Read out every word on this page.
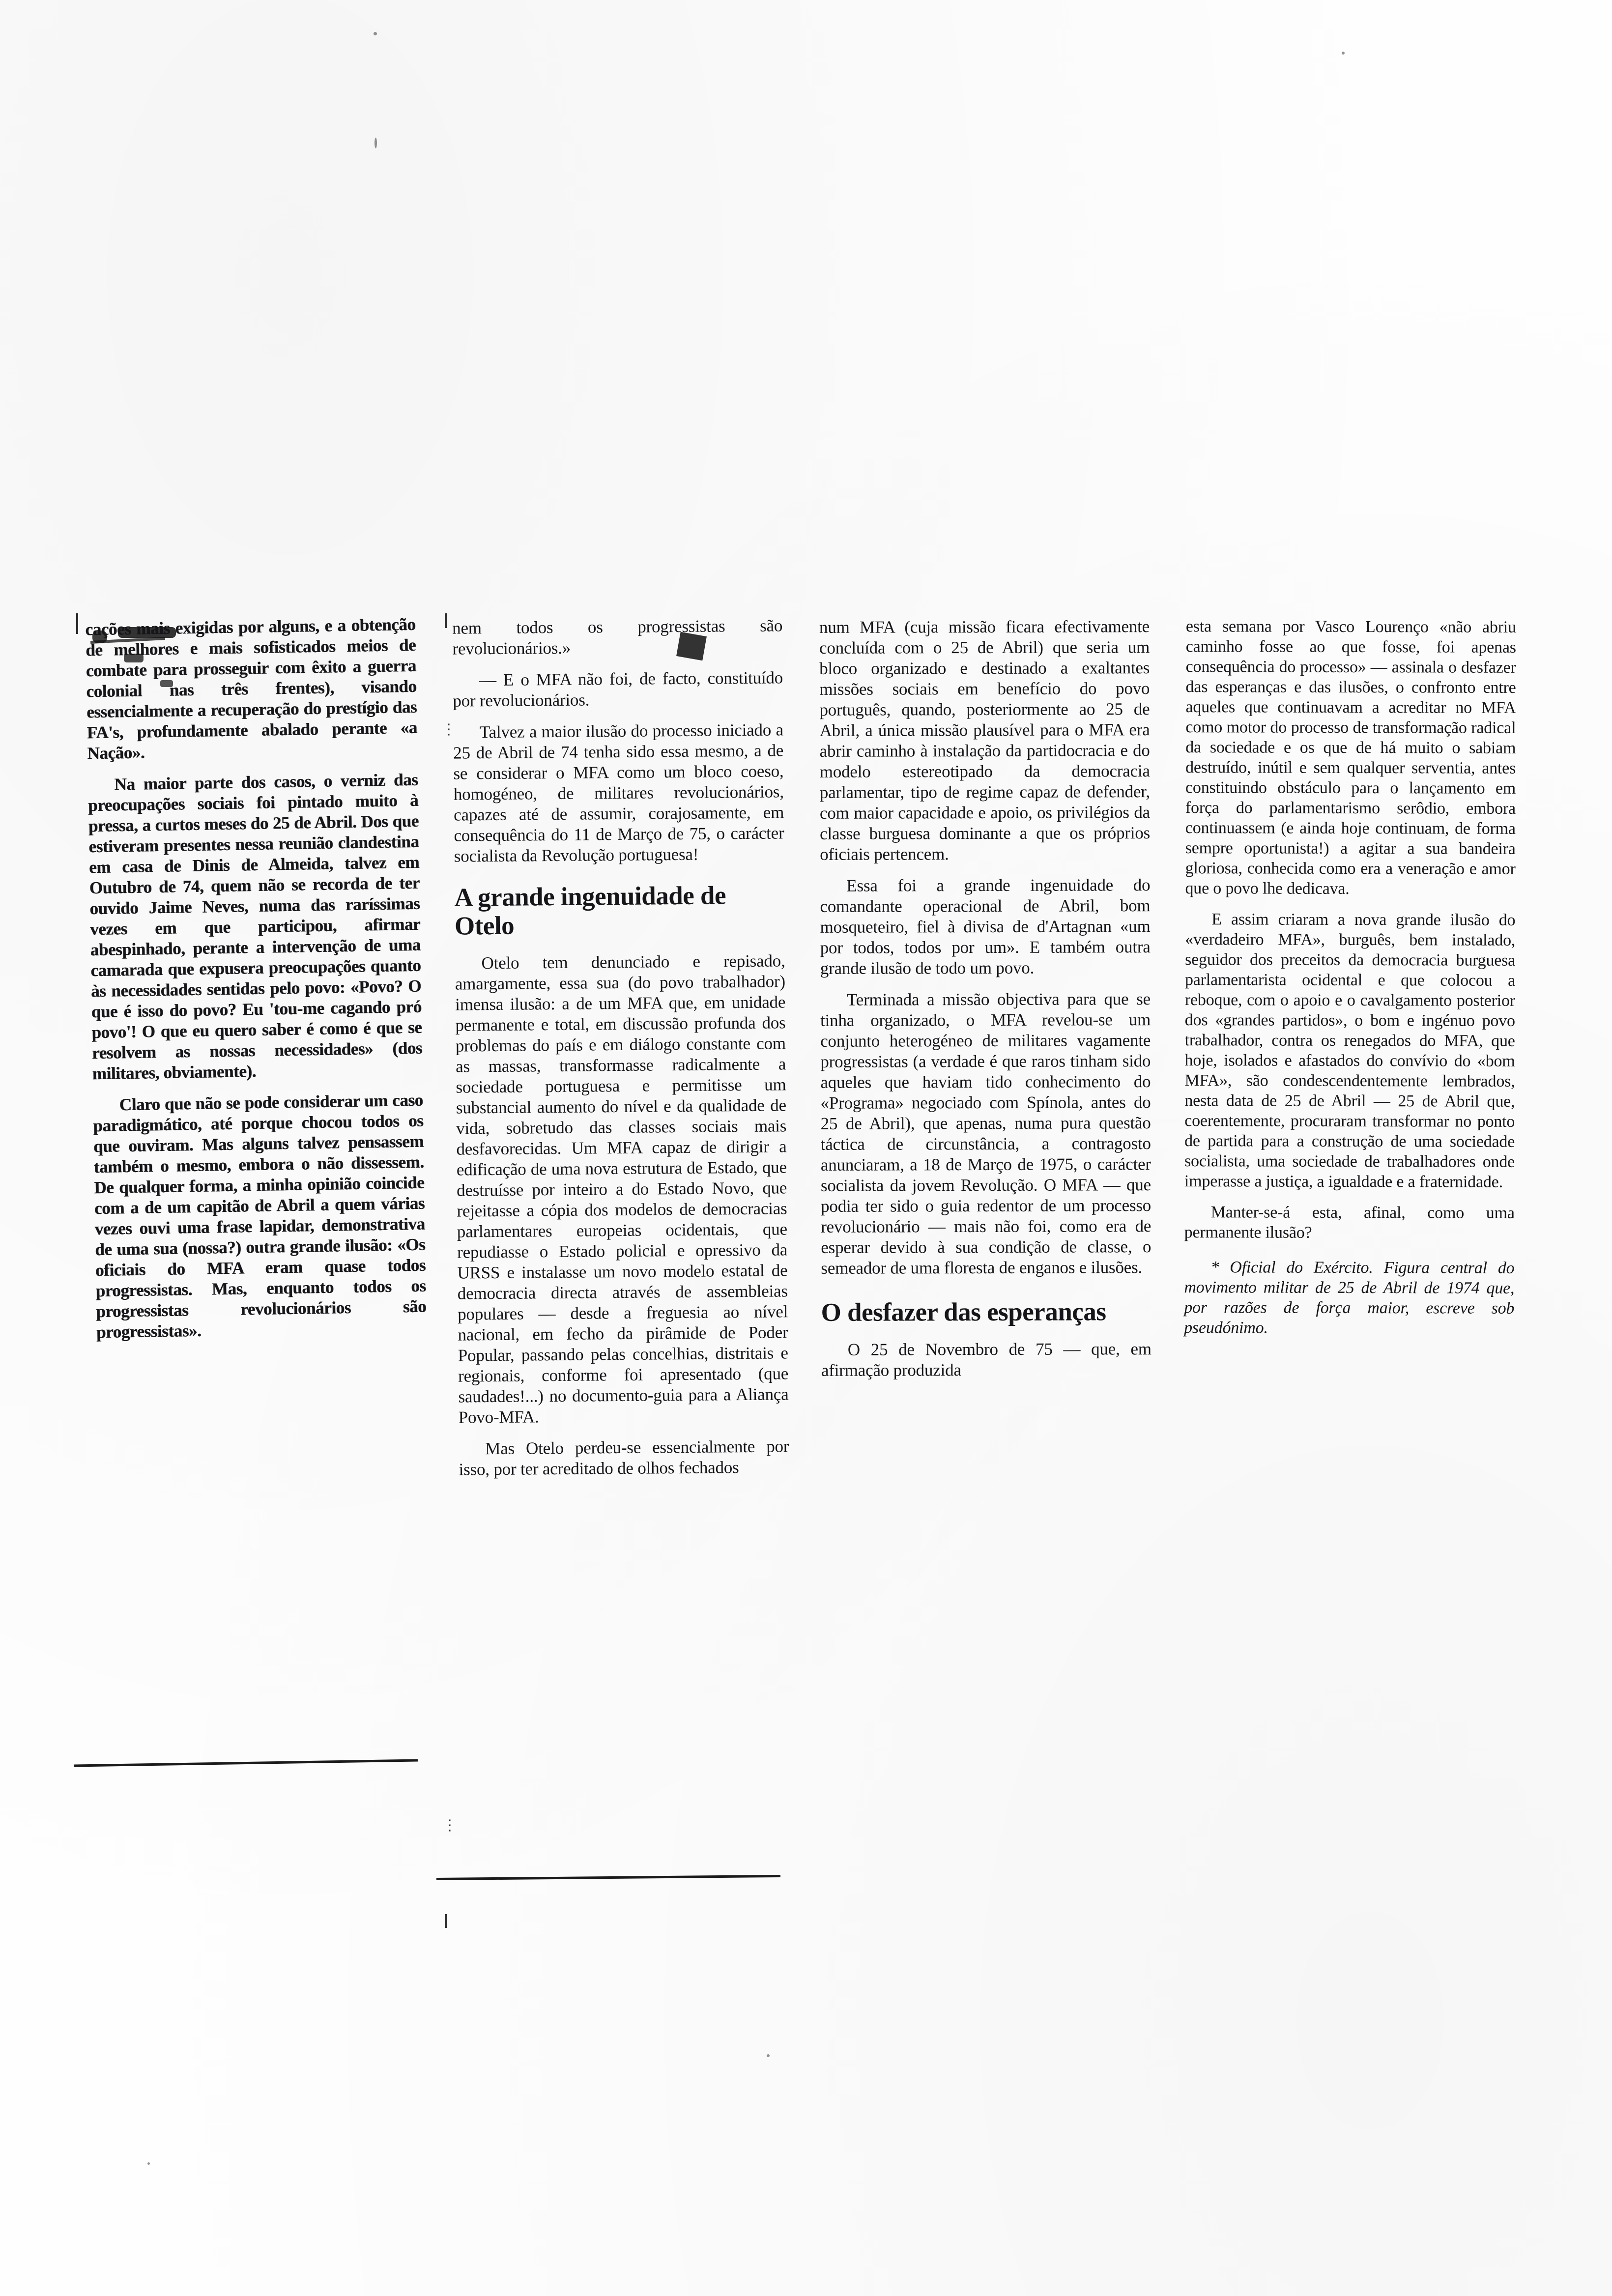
⋮
⋮

cações mais exigidas por alguns, e a obtenção de melhores e mais sofisticados meios de combate para prosseguir com êxito a guerra colonial nas três frentes), visando essencialmente a recuperação do prestígio das FA's, profundamente abalado perante «a Nação».

Na maior parte dos casos, o verniz das preocupações sociais foi pintado muito à pressa, a curtos meses do 25 de Abril. Dos que estiveram presentes nessa reunião clandestina em casa de Dinis de Almeida, talvez em Outubro de 74, quem não se recorda de ter ouvido Jaime Neves, numa das raríssimas vezes em que participou, afirmar abespinhado, perante a intervenção de uma camarada que expusera preocupações quanto às necessidades sentidas pelo povo: «Povo? O que é isso do povo? Eu 'tou-me cagando pró povo'! O que eu quero saber é como é que se resolvem as nossas necessidades» (dos militares, obviamente).

Claro que não se pode considerar um caso paradigmático, até porque chocou todos os que ouviram. Mas alguns talvez pensassem também o mesmo, embora o não dissessem. De qualquer forma, a minha opinião coincide com a de um capitão de Abril a quem várias vezes ouvi uma frase lapidar, demonstrativa de uma sua (nossa?) outra grande ilusão: «Os oficiais do MFA eram quase todos progressistas. Mas, enquanto todos os progressistas revolucionários são progressistas».

nem todos os progressistas são revolucionários.»

— E o MFA não foi, de facto, constituído por revolucionários.

Talvez a maior ilusão do processo iniciado a 25 de Abril de 74 tenha sido essa mesmo, a de se considerar o MFA como um bloco coeso, homogéneo, de militares revolucionários, capazes até de assumir, corajosamente, em consequência do 11 de Março de 75, o carácter socialista da Revolução portuguesa!

A grande ingenuidade de Otelo

Otelo tem denunciado e repisado, amargamente, essa sua (do povo trabalhador) imensa ilusão: a de um MFA que, em unidade permanente e total, em discussão profunda dos problemas do país e em diálogo constante com as massas, transformasse radicalmente a sociedade portuguesa e permitisse um substancial aumento do nível e da qualidade de vida, sobretudo das classes sociais mais desfavorecidas. Um MFA capaz de dirigir a edificação de uma nova estrutura de Estado, que destruísse por inteiro a do Estado Novo, que rejeitasse a cópia dos modelos de democracias parlamentares europeias ocidentais, que repudiasse o Estado policial e opressivo da URSS e instalasse um novo modelo estatal de democracia directa através de assembleias populares — desde a freguesia ao nível nacional, em fecho da pirâmide de Poder Popular, passando pelas concelhias, distritais e regionais, conforme foi apresentado (que saudades!...) no documento-guia para a Aliança Povo-MFA.

Mas Otelo perdeu-se essencialmente por isso, por ter acreditado de olhos fechados

num MFA (cuja missão ficara efectivamente concluída com o 25 de Abril) que seria um bloco organizado e destinado a exaltantes missões sociais em benefício do povo português, quando, posteriormente ao 25 de Abril, a única missão plausível para o MFA era abrir caminho à instalação da partidocracia e do modelo estereotipado da democracia parlamentar, tipo de regime capaz de defender, com maior capacidade e apoio, os privilégios da classe burguesa dominante a que os próprios oficiais pertencem.

Essa foi a grande ingenuidade do comandante operacional de Abril, bom mosqueteiro, fiel à divisa de d'Artagnan «um por todos, todos por um». E também outra grande ilusão de todo um povo.

Terminada a missão objectiva para que se tinha organizado, o MFA revelou-se um conjunto heterogéneo de militares vagamente progressistas (a verdade é que raros tinham sido aqueles que haviam tido conhecimento do «Programa» negociado com Spínola, antes do 25 de Abril), que apenas, numa pura questão táctica de circunstância, a contragosto anunciaram, a 18 de Março de 1975, o carácter socialista da jovem Revolução. O MFA — que podia ter sido o guia redentor de um processo revolucionário — mais não foi, como era de esperar devido à sua condição de classe, o semeador de uma floresta de enganos e ilusões.

O desfazer das esperanças

O 25 de Novembro de 75 — que, em afirmação produzida

esta semana por Vasco Lourenço «não abriu caminho fosse ao que fosse, foi apenas consequência do processo» — assinala o desfazer das esperanças e das ilusões, o confronto entre aqueles que continuavam a acreditar no MFA como motor do processo de transformação radical da sociedade e os que de há muito o sabiam destruído, inútil e sem qualquer serventia, antes constituindo obstáculo para o lançamento em força do parlamentarismo serôdio, embora continuassem (e ainda hoje continuam, de forma sempre oportunista!) a agitar a sua bandeira gloriosa, conhecida como era a veneração e amor que o povo lhe dedicava.

E assim criaram a nova grande ilusão do «verdadeiro MFA», burguês, bem instalado, seguidor dos preceitos da democracia burguesa parlamentarista ocidental e que colocou a reboque, com o apoio e o cavalgamento posterior dos «grandes partidos», o bom e ingénuo povo trabalhador, contra os renegados do MFA, que hoje, isolados e afastados do convívio do «bom MFA», são condescendentemente lembrados, nesta data de 25 de Abril — 25 de Abril que, coerentemente, procuraram transformar no ponto de partida para a construção de uma sociedade socialista, uma sociedade de trabalhadores onde imperasse a justiça, a igualdade e a fraternidade.

Manter-se-á esta, afinal, como uma permanente ilusão?

* Oficial do Exército. Figura central do movimento militar de 25 de Abril de 1974 que, por razões de força maior, escreve sob pseudónimo.
